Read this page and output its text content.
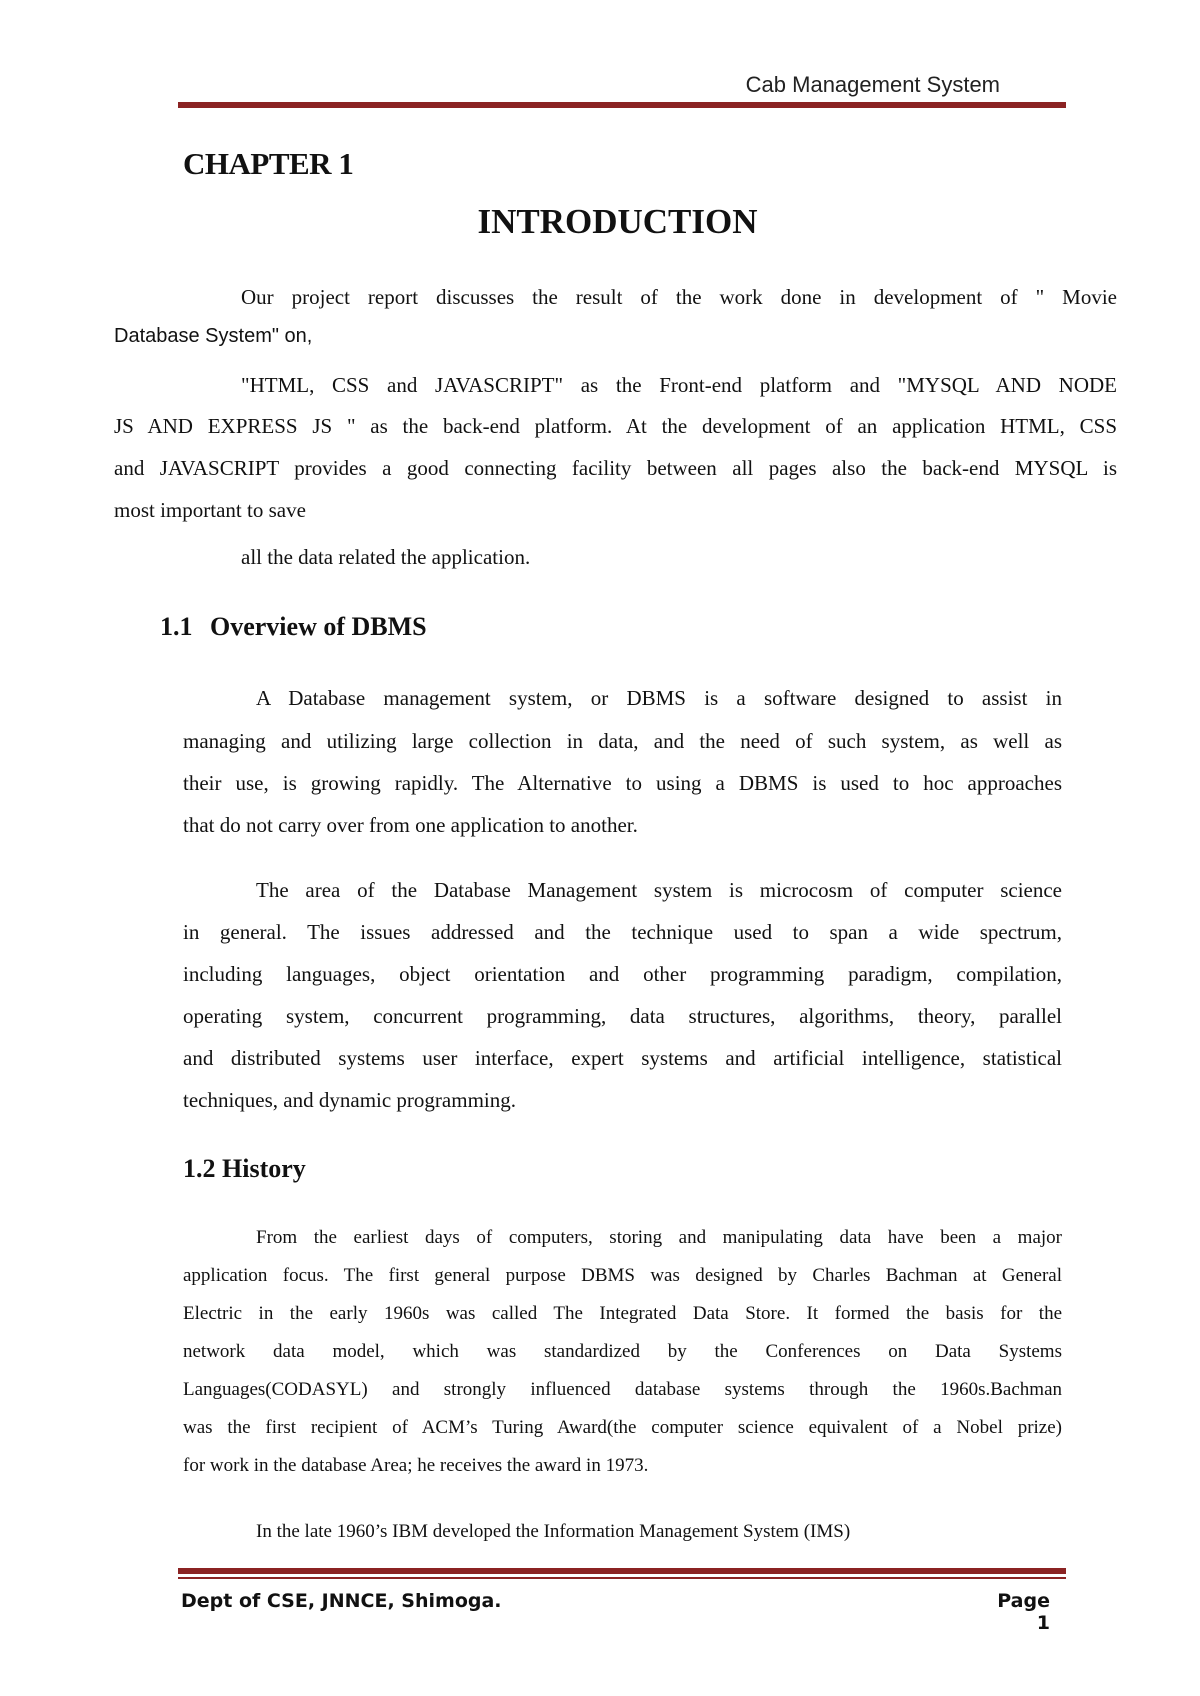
Cab Management System
CHAPTER 1
INTRODUCTION
Our project report discusses the result of the work done in development of " Movie
Database System" on,
"HTML, CSS and JAVASCRIPT" as the Front-end platform and "MYSQL AND NODE
JS AND EXPRESS JS " as the back-end platform. At the development of an application HTML, CSS
and JAVASCRIPT provides a good connecting facility between all pages also the back-end MYSQL is
most important to save
all the data related the application.
1.1 Overview of DBMS
A Database management system, or DBMS is a software designed to assist in
managing and utilizing large collection in data, and the need of such system, as well as
their use, is growing rapidly. The Alternative to using a DBMS is used to hoc approaches
that do not carry over from one application to another.
The area of the Database Management system is microcosm of computer science
in general. The issues addressed and the technique used to span a wide spectrum,
including languages, object orientation and other programming paradigm, compilation,
operating system, concurrent programming, data structures, algorithms, theory, parallel
and distributed systems user interface, expert systems and artificial intelligence, statistical
techniques, and dynamic programming.
1.2 History
From the earliest days of computers, storing and manipulating data have been a major
application focus. The first general purpose DBMS was designed by Charles Bachman at General
Electric in the early 1960s was called The Integrated Data Store. It formed the basis for the
network data model, which was standardized by the Conferences on Data Systems
Languages(CODASYL) and strongly influenced database systems through the 1960s.Bachman
was the first recipient of ACM’s Turing Award(the computer science equivalent of a Nobel prize)
for work in the database Area; he receives the award in 1973.
In the late 1960’s IBM developed the Information Management System (IMS)
Dept of CSE, JNNCE, Shimoga.	Page 1
